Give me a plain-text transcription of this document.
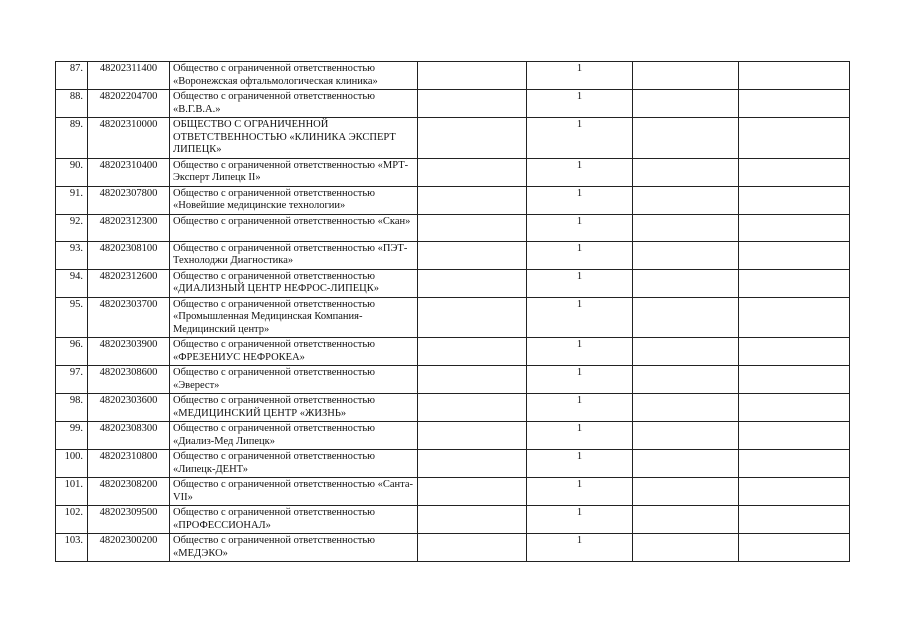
87.	48202311400	Общество с ограниченной ответственностью «Воронежская офтальмологическая клиника»		1		
88.	48202204700	Общество с ограниченной ответственностью «В.Г.В.А.»		1		
89.	48202310000	ОБЩЕСТВО С ОГРАНИЧЕННОЙ ОТВЕТСТВЕННОСТЬЮ «КЛИНИКА ЭКСПЕРТ ЛИПЕЦК»		1		
90.	48202310400	Общество с ограниченной ответственностью «МРТ-Эксперт Липецк II»		1		
91.	48202307800	Общество с ограниченной ответственностью «Новейшие медицинские технологии»		1		
92.	48202312300	Общество с ограниченной ответственностью «Скан»		1		
93.	48202308100	Общество с ограниченной ответственностью «ПЭТ-Технолоджи Диагностика»		1		
94.	48202312600	Общество с ограниченной ответственностью «ДИАЛИЗНЫЙ ЦЕНТР НЕФРОС-ЛИПЕЦК»		1		
95.	48202303700	Общество с ограниченной ответственностью «Промышленная Медицинская Компания-Медицинский центр»		1		
96.	48202303900	Общество с ограниченной ответственностью «ФРЕЗЕНИУС НЕФРОКЕА»		1		
97.	48202308600	Общество с ограниченной ответственностью «Эверест»		1		
98.	48202303600	Общество с ограниченной ответственностью «МЕДИЦИНСКИЙ ЦЕНТР «ЖИЗНЬ»		1		
99.	48202308300	Общество с ограниченной ответственностью «Диализ-Мед Липецк»		1		
100.	48202310800	Общество с ограниченной ответственностью «Липецк-ДЕНТ»		1		
101.	48202308200	Общество с ограниченной ответственностью «Санта-VII»		1		
102.	48202309500	Общество с ограниченной ответственностью «ПРОФЕССИОНАЛ»		1		
103.	48202300200	Общество с ограниченной ответственностью «МЕДЭКО»		1		
